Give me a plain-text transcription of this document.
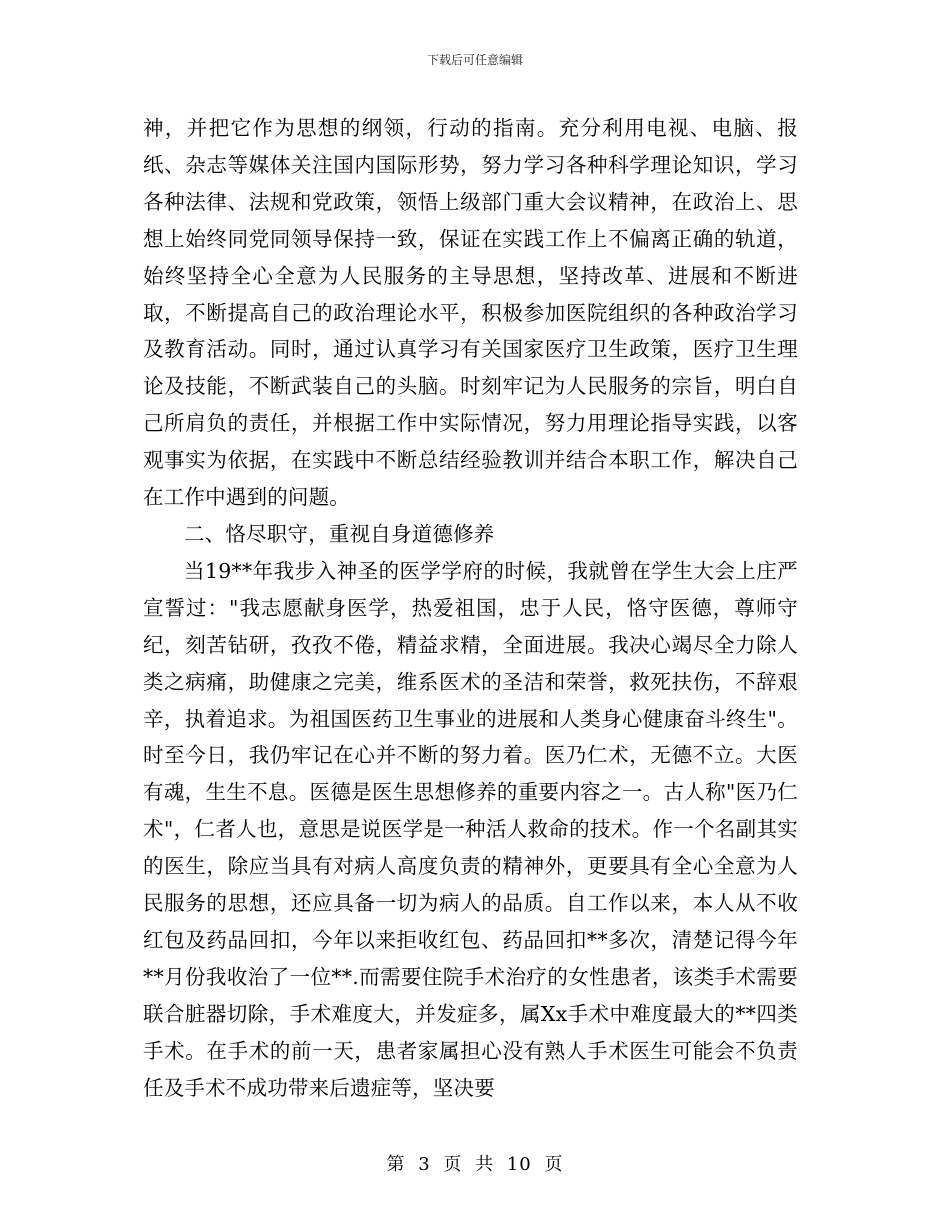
下载后可任意编辑

神，并把它作为思想的纲领，行动的指南。充分利用电视、电脑、报纸、杂志等媒体关注国内国际形势，努力学习各种科学理论知识，学习各种法律、法规和党政策，领悟上级部门重大会议精神，在政治上、思想上始终同党同领导保持一致，保证在实践工作上不偏离正确的轨道，始终坚持全心全意为人民服务的主导思想，坚持改革、进展和不断进取，不断提高自己的政治理论水平，积极参加医院组织的各种政治学习及教育活动。同时，通过认真学习有关国家医疗卫生政策，医疗卫生理论及技能，不断武装自己的头脑。时刻牢记为人民服务的宗旨，明白自己所肩负的责任，并根据工作中实际情况，努力用理论指导实践，以客观事实为依据，在实践中不断总结经验教训并结合本职工作，解决自己在工作中遇到的问题。

二、恪尽职守，重视自身道德修养

当19**年我步入神圣的医学学府的时候，我就曾在学生大会上庄严宣誓过："我志愿献身医学，热爱祖国，忠于人民，恪守医德，尊师守纪，刻苦钻研，孜孜不倦，精益求精，全面进展。我决心竭尽全力除人类之病痛，助健康之完美，维系医术的圣洁和荣誉，救死扶伤，不辞艰辛，执着追求。为祖国医药卫生事业的进展和人类身心健康奋斗终生"。时至今日，我仍牢记在心并不断的努力着。医乃仁术，无德不立。大医有魂，生生不息。医德是医生思想修养的重要内容之一。古人称"医乃仁术"，仁者人也，意思是说医学是一种活人救命的技术。作一个名副其实的医生，除应当具有对病人高度负责的精神外，更要具有全心全意为人民服务的思想，还应具备一切为病人的品质。自工作以来，本人从不收红包及药品回扣，今年以来拒收红包、药品回扣**多次，清楚记得今年**月份我收治了一位**.而需要住院手术治疗的女性患者，该类手术需要联合脏器切除，手术难度大，并发症多，属Xx手术中难度最大的**四类手术。在手术的前一天，患者家属担心没有熟人手术医生可能会不负责任及手术不成功带来后遗症等，坚决要

第 3 页 共 10 页
